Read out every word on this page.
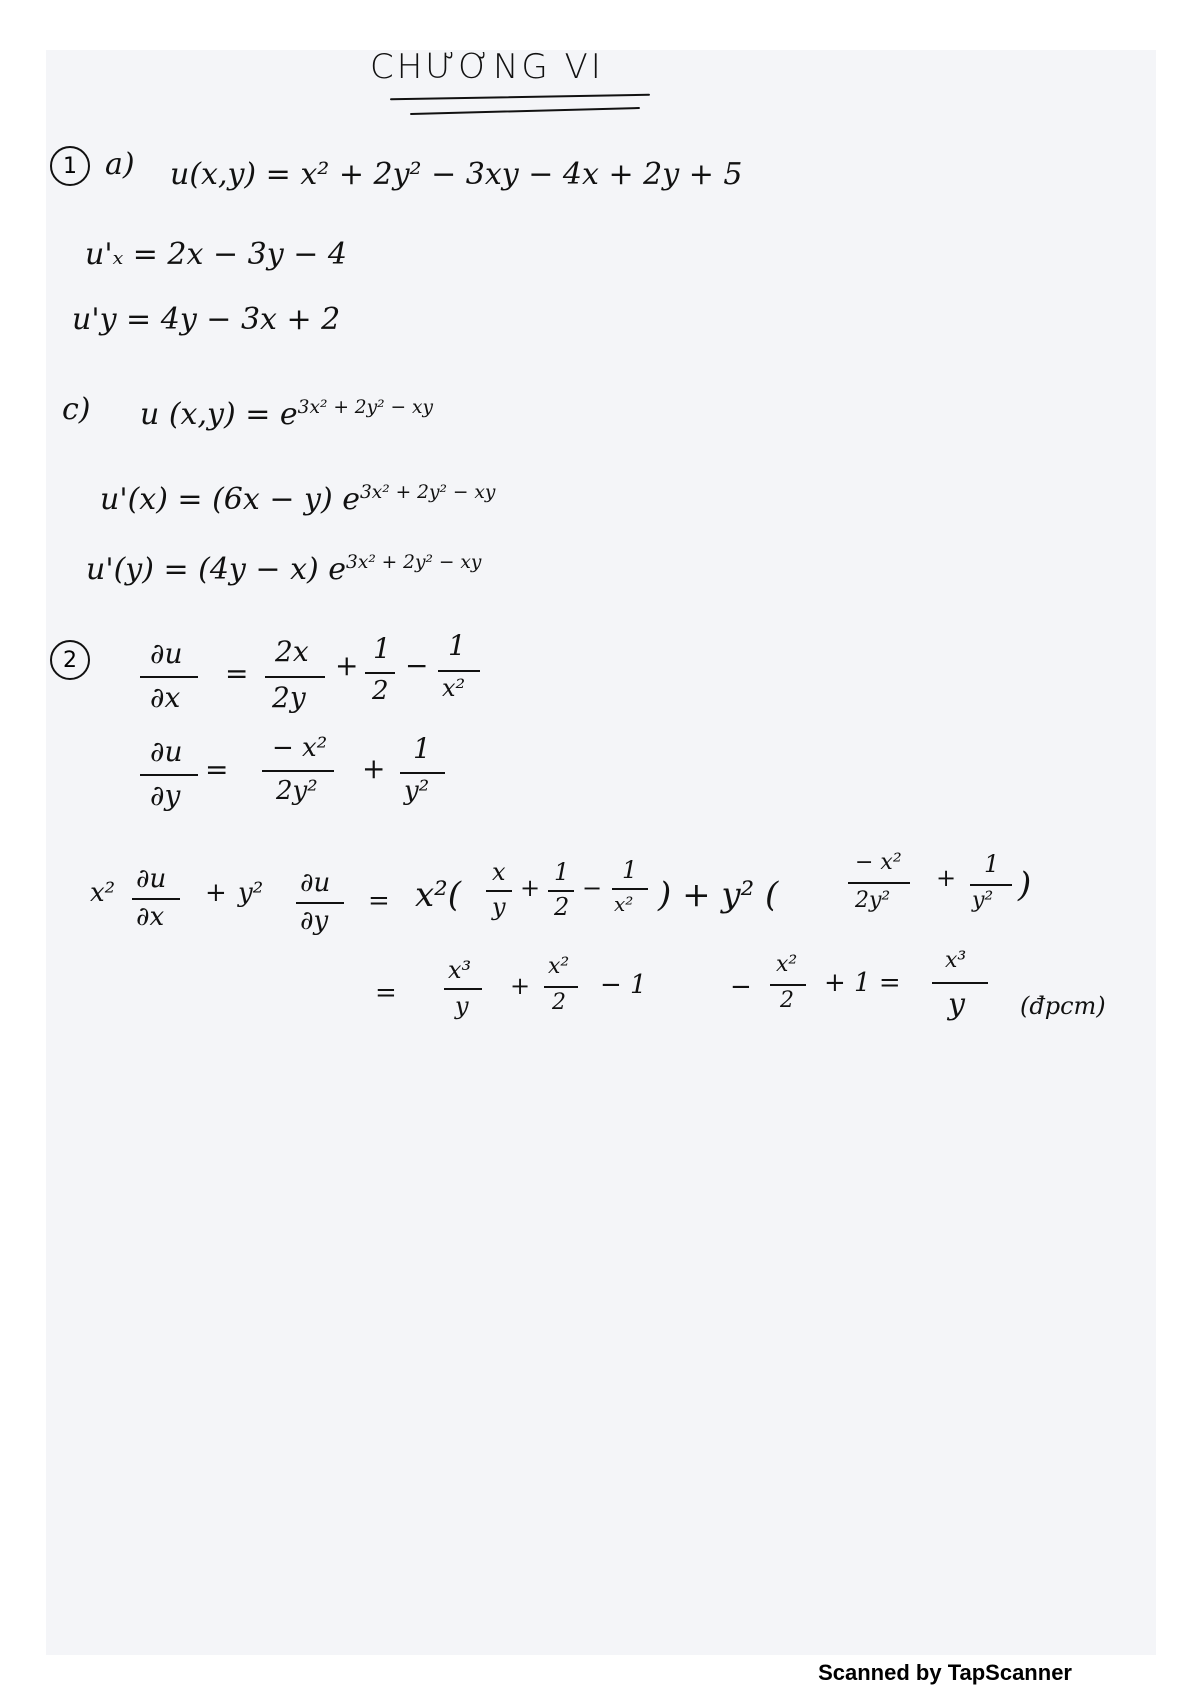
CHƯƠNG VI
1 a) u(x,y) = x² + 2y² − 3xy − 4x + 2y + 5
u'ₓ = 2x − 3y − 4
u'y = 4y − 3x + 2
c) u $(x,y) = e^{3x^2 + 2y^2 - xy}$
u'(x) = (6x − y) $e^{3x^2 + 2y^2 - xy}$
u'(y) = (4y − x) $e^{3x^2 + 2y^2 - xy}$
2	∂u
∂x
=
2x
2y
+
1
2
−
1
x²
∂u
∂y
=
− x²
2y²
+
1
y²
x² ∂u
∂x
+ y² ∂u
∂y
= x²(
x
y
+
1
2
−
1
x² ) + y² (
− x²
2y²
+ 1
y² )
=
x³
y
+
x²
2
− 1	−
x²
2
+ 1 =
x³
y (đpcm)
Scanned by TapScanner
